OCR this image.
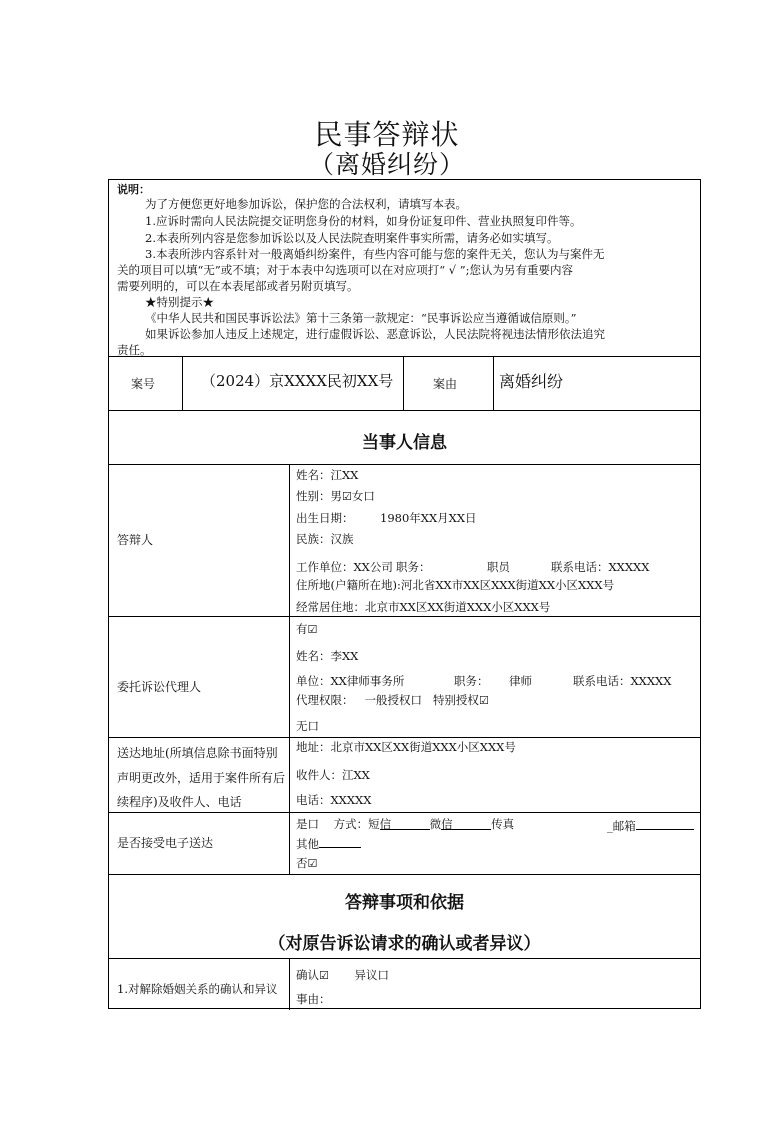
民事答辩状
（离婚纠纷）
说明：
为了方便您更好地参加诉讼，保护您的合法权利，请填写本表。
1.应诉时需向人民法院提交证明您身份的材料，如身份证复印件、营业执照复印件等。
2.本表所列内容是您参加诉讼以及人民法院查明案件事实所需，请务必如实填写。
3.本表所涉内容系针对一般离婚纠纷案件，有些内容可能与您的案件无关，您认为与案件无
关的项目可以填“无”或不填；对于本表中勾选项可以在对应项打“ √ ”;您认为另有重要内容
需要列明的，可以在本表尾部或者另附页填写。
★特别提示★
《中华人民共和国民事诉讼法》第十三条第一款规定：“民事诉讼应当遵循诚信原则。”
如果诉讼参加人违反上述规定，进行虚假诉讼、恶意诉讼，人民法院将视违法情形依法追究
责任。
案号	（2024）京XXXX民初XX号	案由	离婚纠纷
当事人信息
答辩人
姓名：江XX
性别：男☑女口
出生日期： 1980年XX月XX日
民族：汉族
工作单位：XX公司 职务：	职员	联系电话：XXXXX
住所地(户籍所在地):河北省XX市XX区XXX街道XX小区XXX号
经常居住地：北京市XX区XX街道XXX小区XXX号
委托诉讼代理人
有☑
姓名：李XX
单位：XX律师事务所	职务： 律师	联系电话：XXXXX
代理权限： 一般授权口 特别授权☑
无口
送达地址(所填信息除书面特别
声明更改外，适用于案件所有后
续程序)及收件人、电话
地址：北京市XX区XX街道XXX小区XXX号
收件人：江XX
电话：XXXXX
是否接受电子送达
是口 方式：短信	微信	传真	_邮箱
其他
否☑
答辩事项和依据
（对原告诉讼请求的确认或者异议）
1.对解除婚姻关系的确认和异议
确认☑ 异议口
事由：
